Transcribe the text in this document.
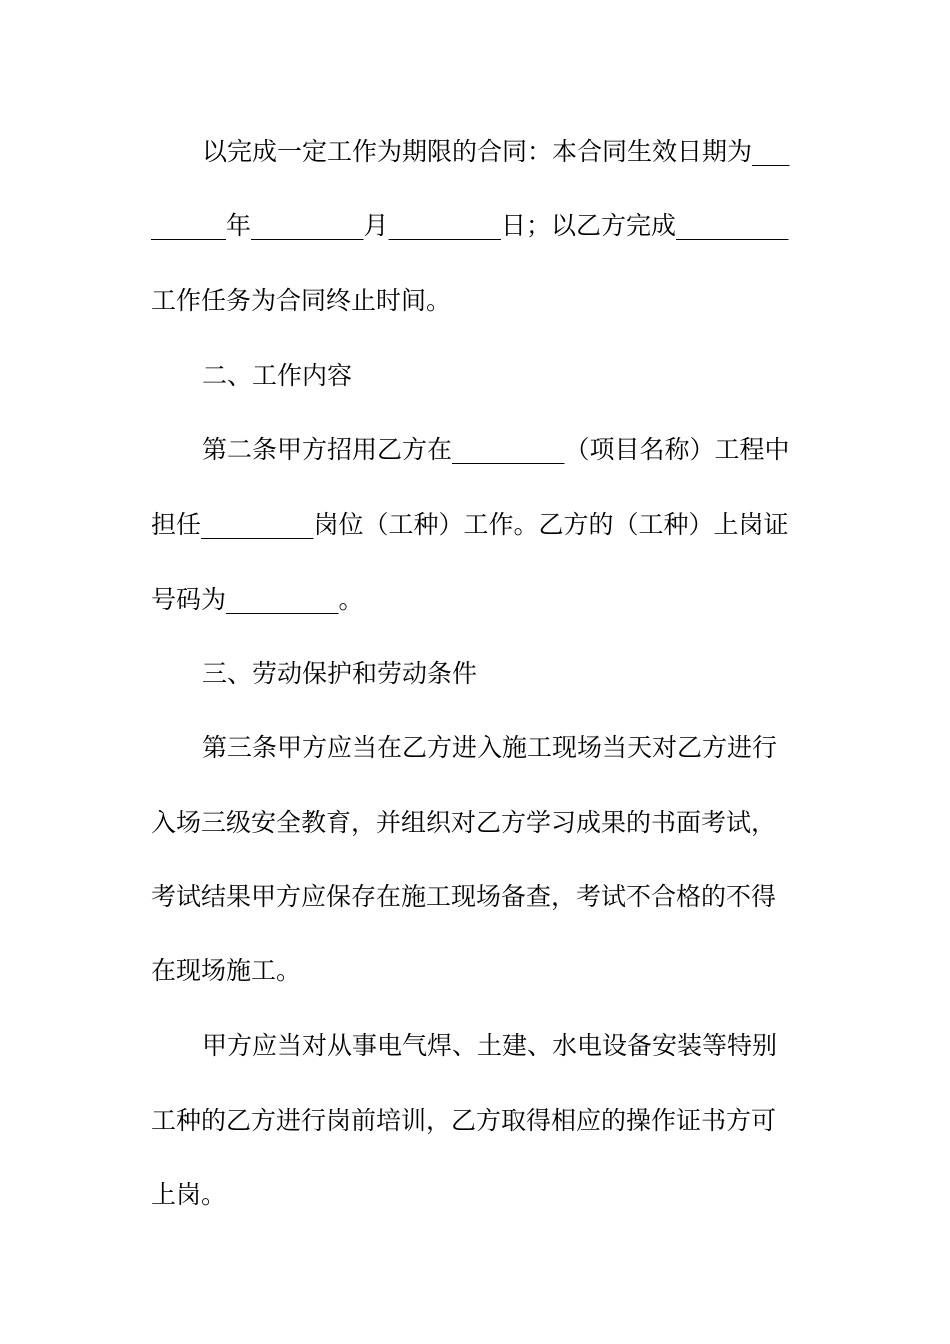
以完成一定工作为期限的合同：本合同生效日期为___
______年_________月_________日；以乙方完成_________
工作任务为合同终止时间。
二、工作内容
第二条甲方招用乙方在_________（项目名称）工程中
担任_________岗位（工种）工作。乙方的（工种）上岗证
号码为_________。
三、劳动保护和劳动条件
第三条甲方应当在乙方进入施工现场当天对乙方进行
入场三级安全教育，并组织对乙方学习成果的书面考试，
考试结果甲方应保存在施工现场备查，考试不合格的不得
在现场施工。
甲方应当对从事电气焊、土建、水电设备安装等特别
工种的乙方进行岗前培训，乙方取得相应的操作证书方可
上岗。
